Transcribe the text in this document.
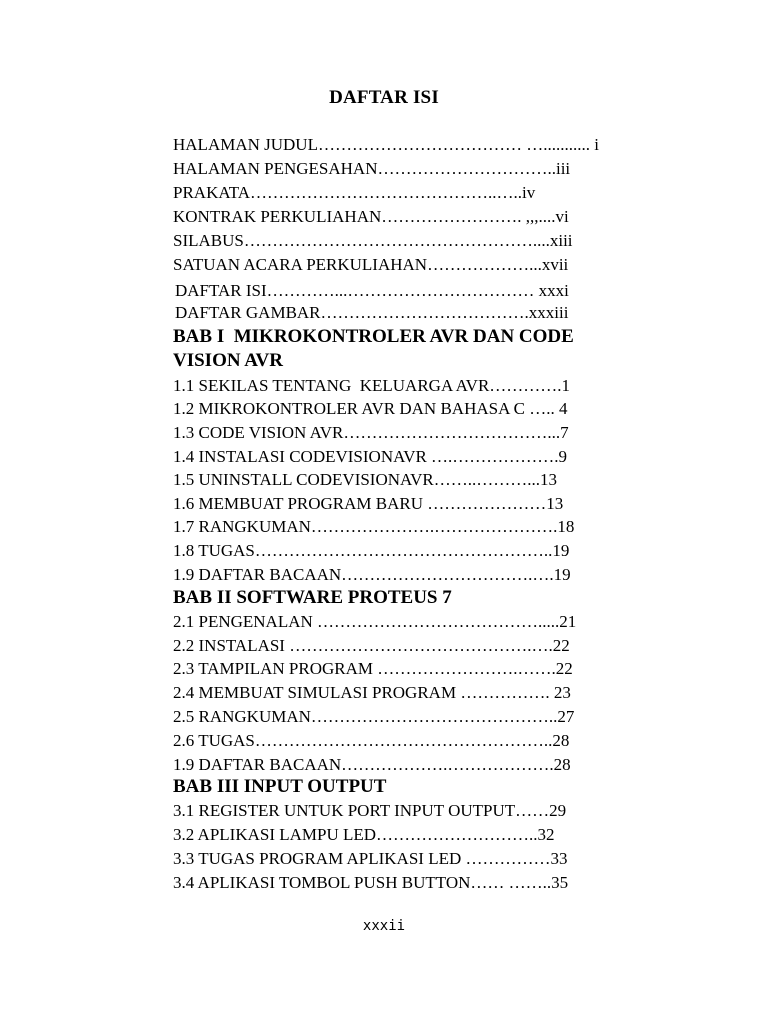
DAFTAR ISI
HALAMAN JUDUL……………………………… …........... i
HALAMAN PENGESAHAN…………………………..iii
PRAKATA……………………………………..…..iv
KONTRAK PERKULIAHAN……………………. ,,,....vi
SILABUS……………………………………………....xiii
SATUAN ACARA PERKULIAHAN………………...xvii
DAFTAR ISI…………...…………………………… xxxi
DAFTAR GAMBAR……………………………….xxxiii
BAB I  MIKROKONTROLER AVR DAN CODE
VISION AVR
1.1 SEKILAS TENTANG  KELUARGA AVR………….1
1.2 MIKROKONTROLER AVR DAN BAHASA C ….. 4
1.3 CODE VISION AVR………………………………...7
1.4 INSTALASI CODEVISIONAVR ….……………….9
1.5 UNINSTALL CODEVISIONAVR……..………...13
1.6 MEMBUAT PROGRAM BARU …………………13
1.7 RANGKUMAN………………….………………….18
1.8 TUGAS……………………………………………..19
1.9 DAFTAR BACAAN…………………………….….19
BAB II SOFTWARE PROTEUS 7
2.1 PENGENALAN ………………………………….....21
2.2 INSTALASI …………………………………….….22
2.3 TAMPILAN PROGRAM …………………….…….22
2.4 MEMBUAT SIMULASI PROGRAM ……………. 23
2.5 RANGKUMAN……………………………………..27
2.6 TUGAS……………………………………………..28
1.9 DAFTAR BACAAN……………….……………….28
BAB III INPUT OUTPUT
3.1 REGISTER UNTUK PORT INPUT OUTPUT……29
3.2 APLIKASI LAMPU LED………………………..32
3.3 TUGAS PROGRAM APLIKASI LED ……………33
3.4 APLIKASI TOMBOL PUSH BUTTON…… ……..35
xxxii
